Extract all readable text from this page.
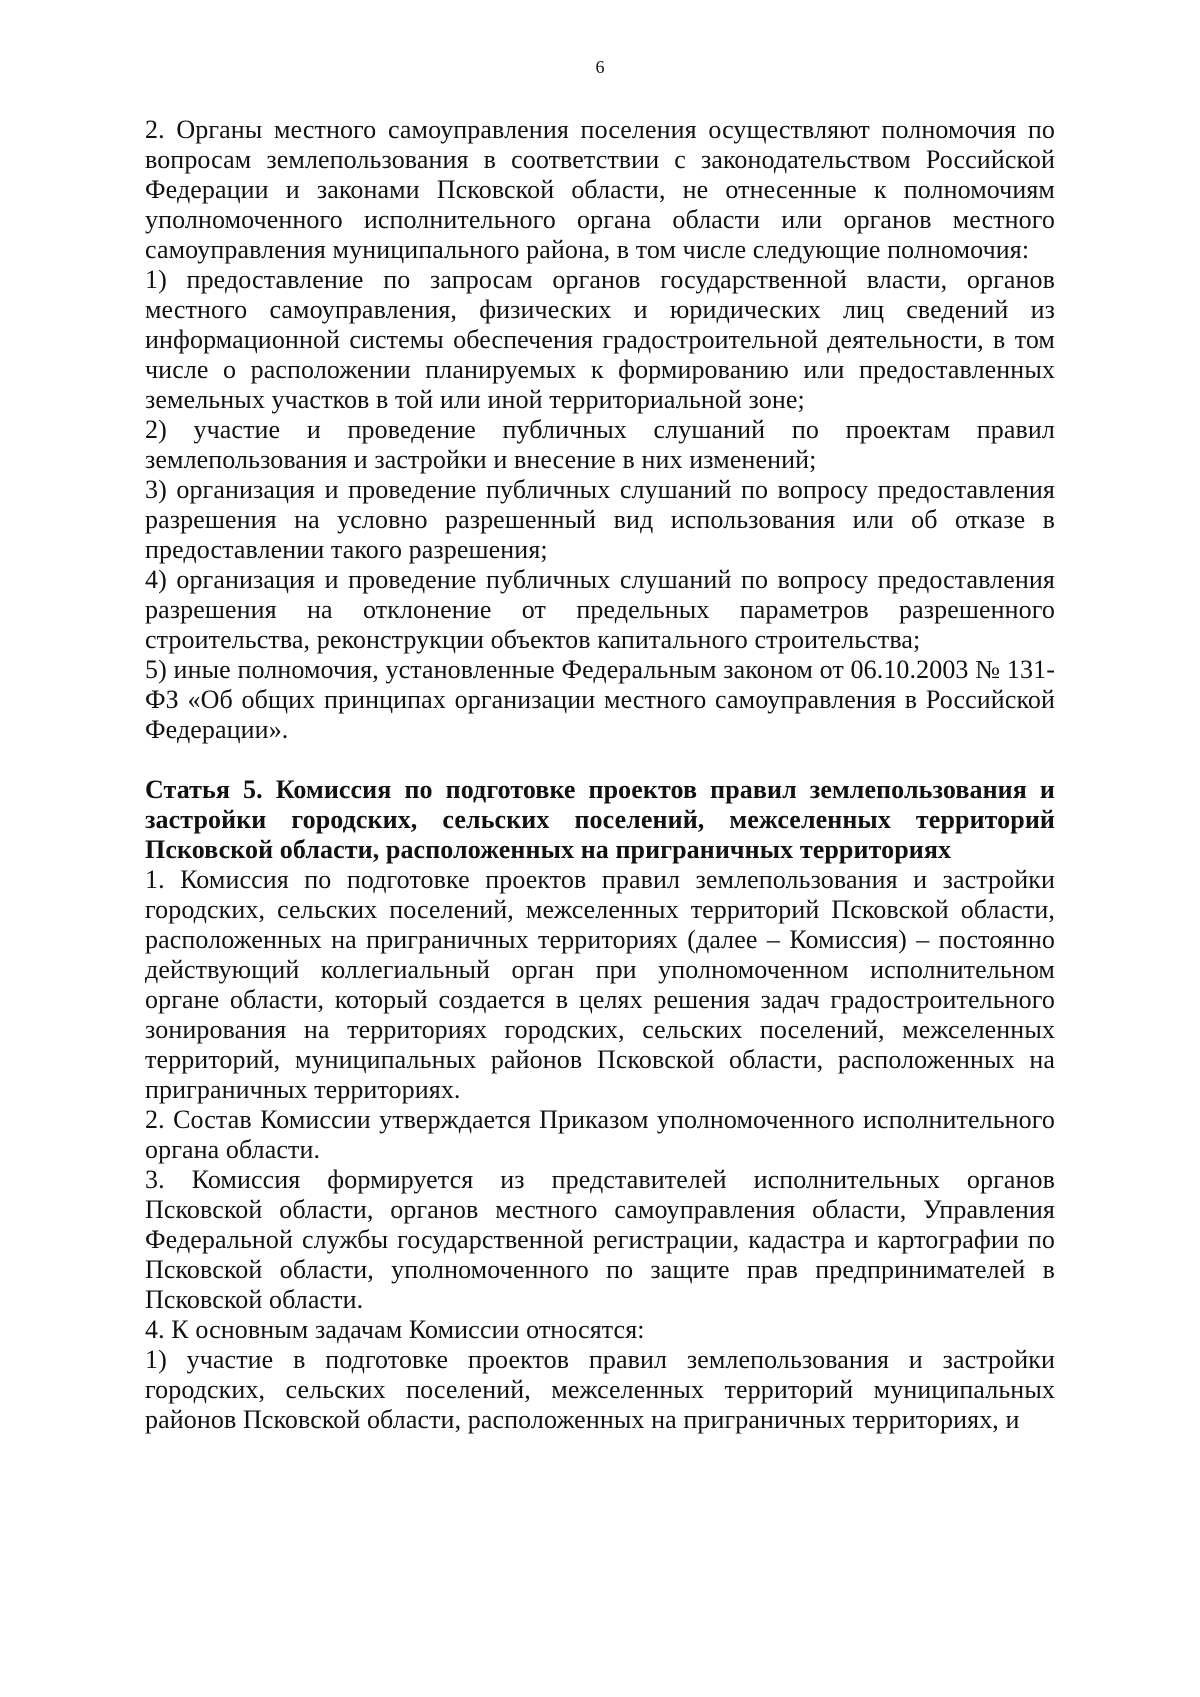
6

2. Органы местного самоуправления поселения осуществляют полномочия по вопросам землепользования в соответствии с законодательством Российской Федерации и законами Псковской области, не отнесенные к полномочиям уполномоченного исполнительного органа области или органов местного самоуправления муниципального района, в том числе следующие полномочия:

1) предоставление по запросам органов государственной власти, органов местного самоуправления, физических и юридических лиц сведений из информационной системы обеспечения градостроительной деятельности, в том числе о расположении планируемых к формированию или предоставленных земельных участков в той или иной территориальной зоне;

2) участие и проведение публичных слушаний по проектам правил землепользования и застройки и внесение в них изменений;

3) организация и проведение публичных слушаний по вопросу предоставления разрешения на условно разрешенный вид использования или об отказе в предоставлении такого разрешения;

4) организация и проведение публичных слушаний по вопросу предоставления разрешения на отклонение от предельных параметров разрешенного строительства, реконструкции объектов капитального строительства;

5) иные полномочия, установленные Федеральным законом от 06.10.2003 № 131-ФЗ «Об общих принципах организации местного самоуправления в Российской Федерации».

Статья 5. Комиссия по подготовке проектов правил землепользования и застройки городских, сельских поселений, межселенных территорий Псковской области, расположенных на приграничных территориях

1. Комиссия по подготовке проектов правил землепользования и застройки городских, сельских поселений, межселенных территорий Псковской области, расположенных на приграничных территориях (далее – Комиссия) – постоянно действующий коллегиальный орган при уполномоченном исполнительном органе области, который создается в целях решения задач градостроительного зонирования на территориях городских, сельских поселений, межселенных территорий, муниципальных районов Псковской области, расположенных на приграничных территориях.

2. Состав Комиссии утверждается Приказом уполномоченного исполнительного органа области.

3. Комиссия формируется из представителей исполнительных органов Псковской области, органов местного самоуправления области, Управления Федеральной службы государственной регистрации, кадастра и картографии по Псковской области, уполномоченного по защите прав предпринимателей в Псковской области.

4. К основным задачам Комиссии относятся:

1) участие в подготовке проектов правил землепользования и застройки городских, сельских поселений, межселенных территорий муниципальных районов Псковской области, расположенных на приграничных территориях, и
